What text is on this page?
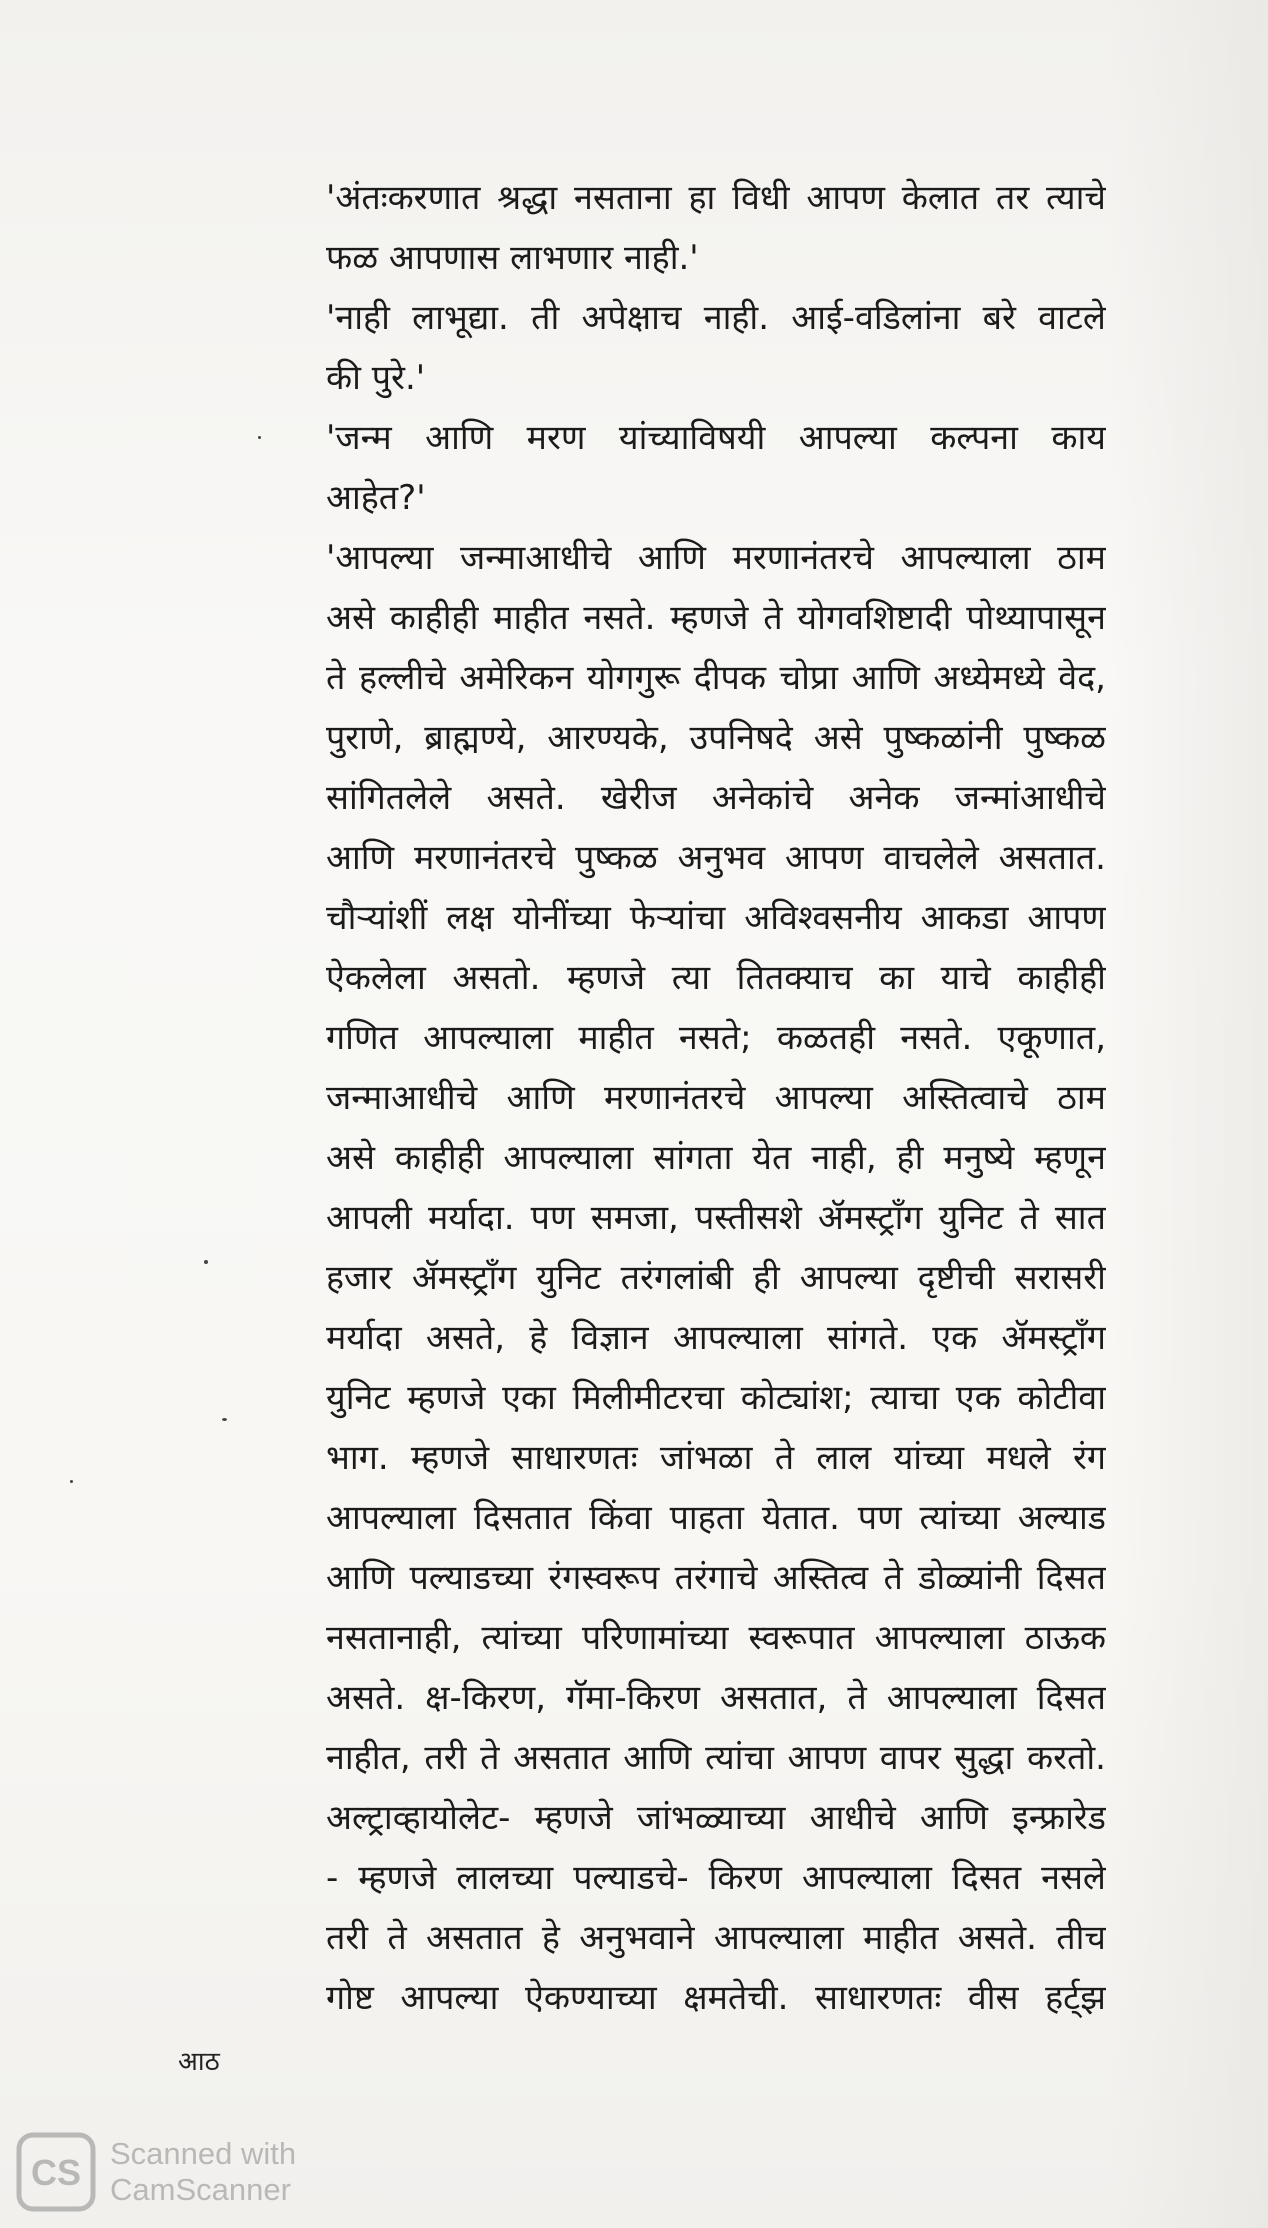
'अंतःकरणात श्रद्धा नसताना हा विधी आपण केलात तर त्याचे
फळ आपणास लाभणार नाही.'
'नाही लाभूद्या. ती अपेक्षाच नाही. आई-वडिलांना बरे वाटले
की पुरे.'
'जन्म आणि मरण यांच्याविषयी आपल्या कल्पना काय
आहेत?'
'आपल्या जन्माआधीचे आणि मरणानंतरचे आपल्याला ठाम
असे काहीही माहीत नसते. म्हणजे ते योगवशिष्टादी पोथ्यापासून
ते हल्लीचे अमेरिकन योगगुरू दीपक चोप्रा आणि अध्येमध्ये वेद,
पुराणे, ब्राह्मण्ये, आरण्यके, उपनिषदे असे पुष्कळांनी पुष्कळ
सांगितलेले असते. खेरीज अनेकांचे अनेक जन्मांआधीचे
आणि मरणानंतरचे पुष्कळ अनुभव आपण वाचलेले असतात.
चौऱ्यांशीं लक्ष योनींच्या फेऱ्यांचा अविश्वसनीय आकडा आपण
ऐकलेला असतो. म्हणजे त्या तितक्याच का याचे काहीही
गणित आपल्याला माहीत नसते; कळतही नसते. एकूणात,
जन्माआधीचे आणि मरणानंतरचे आपल्या अस्तित्वाचे ठाम
असे काहीही आपल्याला सांगता येत नाही, ही मनुष्ये म्हणून
आपली मर्यादा. पण समजा, पस्तीसशे ॲमस्ट्रॉंग युनिट ते सात
हजार ॲमस्ट्रॉंग युनिट तरंगलांबी ही आपल्या दृष्टीची सरासरी
मर्यादा असते, हे विज्ञान आपल्याला सांगते. एक ॲमस्ट्रॉंग
युनिट म्हणजे एका मिलीमीटरचा कोट्यांश; त्याचा एक कोटीवा
भाग. म्हणजे साधारणतः जांभळा ते लाल यांच्या मधले रंग
आपल्याला दिसतात किंवा पाहता येतात. पण त्यांच्या अल्याड
आणि पल्याडच्या रंगस्वरूप तरंगाचे अस्तित्व ते डोळ्यांनी दिसत
नसतानाही, त्यांच्या परिणामांच्या स्वरूपात आपल्याला ठाऊक
असते. क्ष-किरण, गॅमा-किरण असतात, ते आपल्याला दिसत
नाहीत, तरी ते असतात आणि त्यांचा आपण वापर सुद्धा करतो.
अल्ट्राव्हायोलेट- म्हणजे जांभळ्याच्या आधीचे आणि इन्फ्रारेड
- म्हणजे लालच्या पल्याडचे- किरण आपल्याला दिसत नसले
तरी ते असतात हे अनुभवाने आपल्याला माहीत असते. तीच
गोष्ट आपल्या ऐकण्याच्या क्षमतेची. साधारणतः वीस हर्ट्झ
आठ
CS Scanned with
CamScanner
